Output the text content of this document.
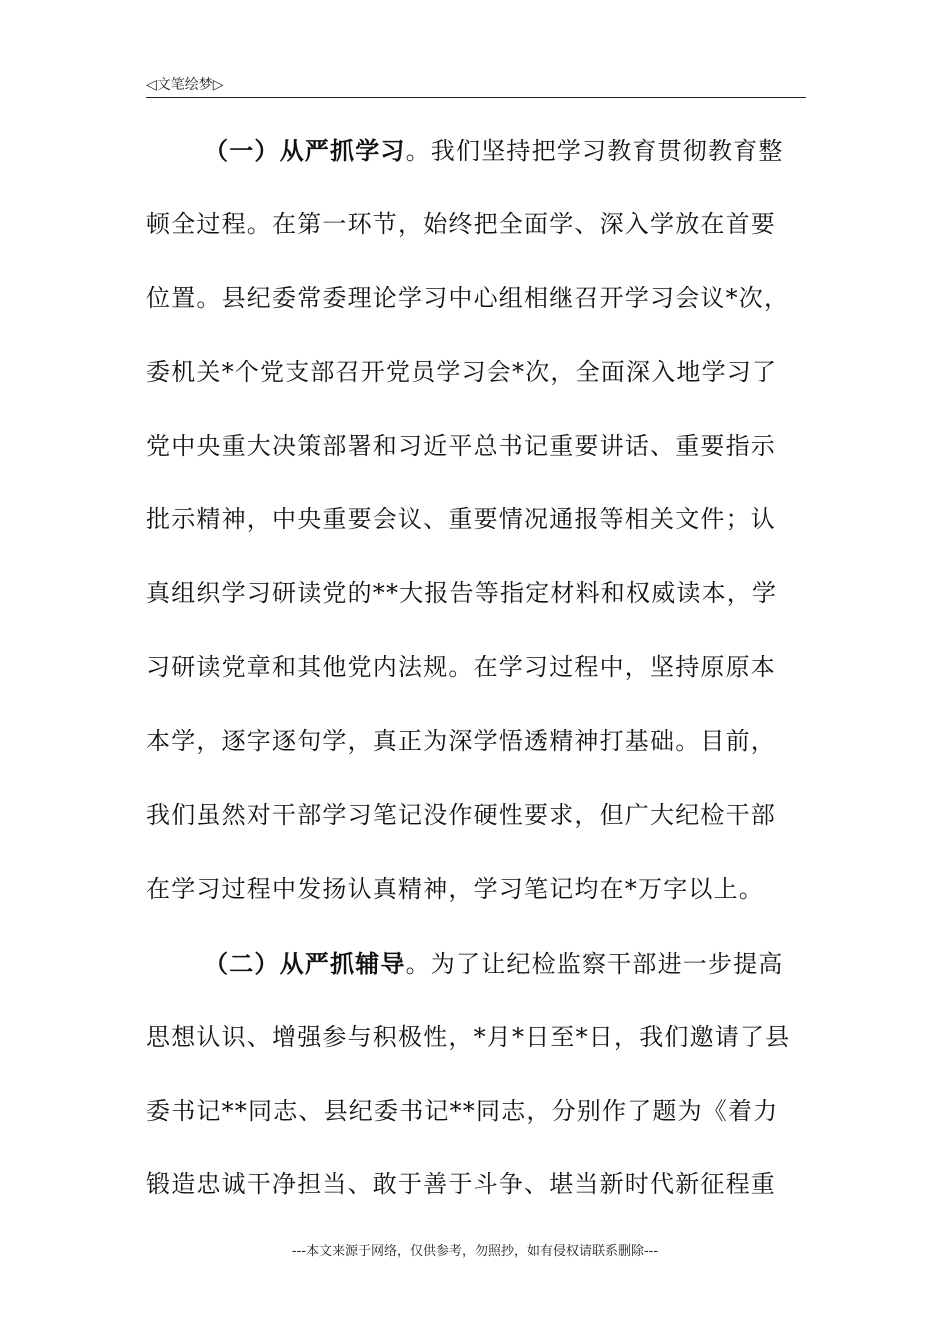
◁文笔绘梦▷
（一）从严抓学习。我们坚持把学习教育贯彻教育整
顿全过程。在第一环节，始终把全面学、深入学放在首要
位置。县纪委常委理论学习中心组相继召开学习会议*次，
委机关*个党支部召开党员学习会*次，全面深入地学习了
党中央重大决策部署和习近平总书记重要讲话、重要指示
批示精神，中央重要会议、重要情况通报等相关文件；认
真组织学习研读党的**大报告等指定材料和权威读本，学
习研读党章和其他党内法规。在学习过程中，坚持原原本
本学，逐字逐句学，真正为深学悟透精神打基础。目前，
我们虽然对干部学习笔记没作硬性要求，但广大纪检干部
在学习过程中发扬认真精神，学习笔记均在*万字以上。
（二）从严抓辅导。为了让纪检监察干部进一步提高
思想认识、增强参与积极性，*月*日至*日，我们邀请了县
委书记**同志、县纪委书记**同志，分别作了题为《着力
锻造忠诚干净担当、敢于善于斗争、堪当新时代新征程重
---本文来源于网络，仅供参考，勿照抄，如有侵权请联系删除---
